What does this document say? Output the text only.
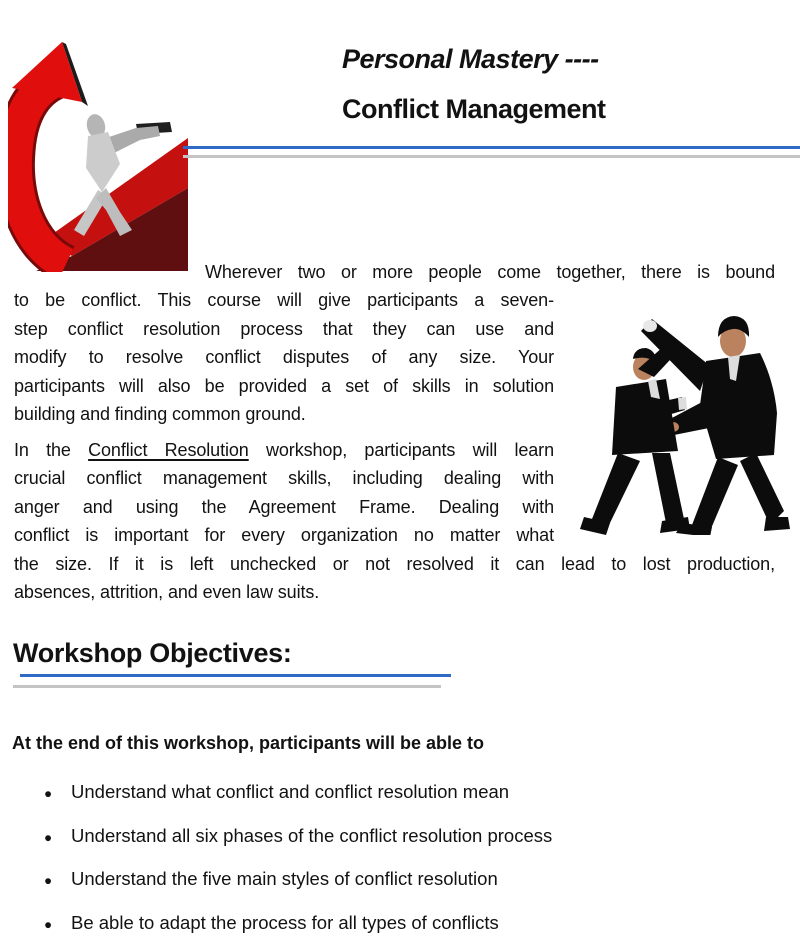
Personal Mastery ----
Conflict Management
Wherever two or more people come together, there is bound
to be conflict. This course will give participants a seven-
step conflict resolution process that they can use and
modify to resolve conflict disputes of any size. Your
participants will also be provided a set of skills in solution
building and finding common ground.
In the Conflict Resolution workshop, participants will learn
crucial conflict management skills, including dealing with
anger and using the Agreement Frame. Dealing with
conflict is important for every organization no matter what
the size. If it is left unchecked or not resolved it can lead to lost production,
absences, attrition, and even law suits.
Workshop Objectives:
At the end of this workshop, participants will be able to
● Understand what conflict and conflict resolution mean
● Understand all six phases of the conflict resolution process
● Understand the five main styles of conflict resolution
● Be able to adapt the process for all types of conflicts
